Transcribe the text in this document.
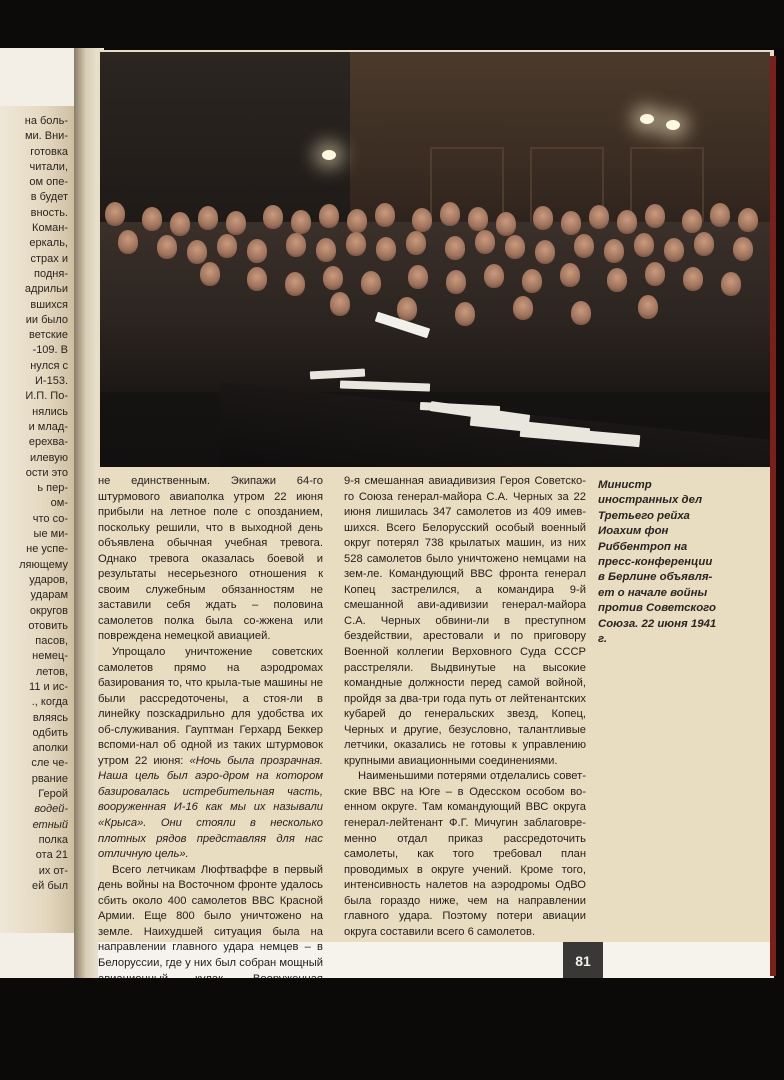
на боль-
ми. Вни-
готовка
читали,
ом опе-
в будет
вность.
Коман-
еркаль,
страх и
подня-
адрильи
вшихся
ии было
ветские
-109. В
нулся с
И-153.
И.П. По-
нялись
и млад-
ерехва-
илевую
ости это
ь пер-
ом-
что со-
ые ми-
не успе-
ляющему
ударов,
ударам
округов
отовить
пасов,
немец-
летов,
11 и ис-
., когда
вляясь
одбить
аполки
сле че-
рвание
Герой
водей-
етный
полка
ота 21
их от-
ей был

не единственным. Экипажи 64-го штурмового авиаполка утром 22 июня прибыли на летное поле с опозданием, поскольку решили, что в выходной день объявлена обычная учебная тревога. Однако тревога оказалась боевой и результаты несерьезного отношения к своим служебным обязанностям не заставили себя ждать – половина самолетов полка была со-жжена или повреждена немецкой авиацией.

Упрощало уничтожение советских самолетов прямо на аэродромах базирования то, что крыла-тые машины не были рассредоточены, а стоя-ли в линейку позскадрильно для удобства их об-служивания. Гауптман Герхард Беккер вспоми-нал об одной из таких штурмовок утром 22 июня: «Ночь была прозрачная. Наша цель был аэро-дром на котором базировалась истребительная часть, вооруженная И-16 как мы их называли «Крыса». Они стояли в несколько плотных рядов представляя для нас отличную цель».

Всего летчикам Люфтваффе в первый день войны на Восточном фронте удалось сбить около 400 самолетов ВВС Красной Армии. Еще 800 было уничтожено на земле. Наихудшей ситуация была на направлении главного удара немцев – в Белоруссии, где у них был собран мощный

9-я смешанная авиадивизия Героя Советско-го Союза генерал-майора С.А. Черных за 22 июня лишилась 347 самолетов из 409 имев-шихся. Всего Белорусский особый военный округ потерял 738 крылатых машин, из них 528 самолетов было уничтожено немцами на зем-ле. Командующий ВВС фронта генерал Копец застрелился, а командира 9-й смешанной ави-адивизии генерал-майора С.А. Черных обвини-ли в преступном бездействии, арестовали и по приговору Военной коллегии Верховного Суда СССР расстреляли. Выдвинутые на высокие командные должности перед самой войной, пройдя за два-три года путь от лейтенантских кубарей до генеральских звезд, Копец, Черных и другие, безусловно, талантливые летчики, оказались не готовы к управлению крупными авиационными соединениями.

Наименьшими потерями отделались совет-ские ВВС на Юге – в Одесском особом во-енном округе. Там командующий ВВС округа генерал-лейтенант Ф.Г. Мичугин заблаговре-менно отдал приказ рассредоточить самолеты, как того требовал план проводимых в округе учений. Кроме того, интенсивность налетов на аэродромы ОдВО была гораздо ниже, чем на направлении главного удара. Поэтому потери авиации округа составили всего 6 самолетов.

Министр иностранных дел Третьего рейха Иоахим фон Риббентроп на пресс-конференции в Берлине объявля-ет о начале войны против Советского Союза. 22 июня 1941 г.
81
